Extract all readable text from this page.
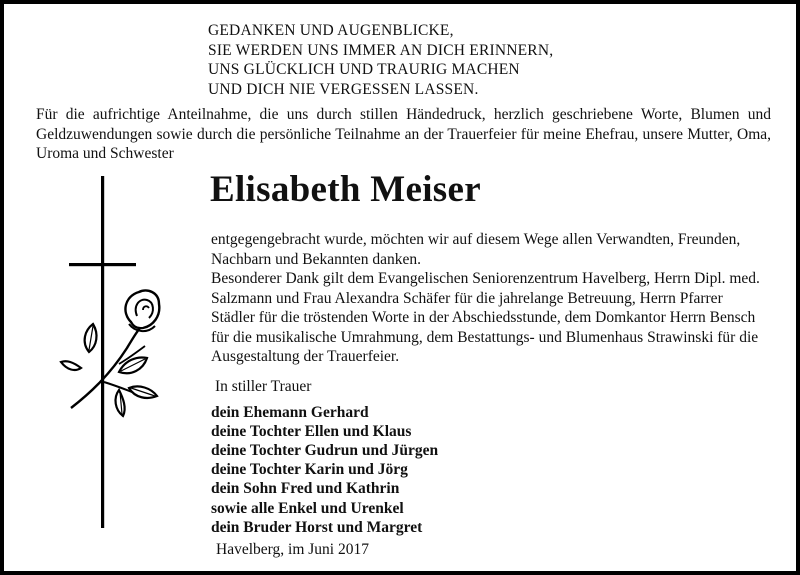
GEDANKEN UND AUGENBLICKE,
SIE WERDEN UNS IMMER AN DICH ERINNERN,
UNS GLÜCKLICH UND TRAURIG MACHEN
UND DICH NIE VERGESSEN LASSEN.

Für die aufrichtige Anteilnahme, die uns durch stillen Händedruck, herzlich geschriebene Worte, Blumen und Geldzuwendungen sowie durch die persönliche Teilnahme an der Trauerfeier für meine Ehefrau, unsere Mutter, Oma, Uroma und Schwester

Elisabeth Meiser

entgegengebracht wurde, möchten wir auf diesem Wege allen Verwandten, Freunden, Nachbarn und Bekannten danken.

Besonderer Dank gilt dem Evangelischen Seniorenzentrum Havelberg, Herrn Dipl. med. Salzmann und Frau Alexandra Schäfer für die jahrelange Betreuung, Herrn Pfarrer Städler für die tröstenden Worte in der Abschiedsstunde, dem Domkantor Herrn Bensch für die musikalische Umrahmung, dem Bestattungs- und Blumenhaus Strawinski für die Ausgestaltung der Trauerfeier.

In stiller Trauer

dein Ehemann Gerhard
deine Tochter Ellen und Klaus
deine Tochter Gudrun und Jürgen
deine Tochter Karin und Jörg
dein Sohn Fred und Kathrin
sowie alle Enkel und Urenkel
dein Bruder Horst und Margret

Havelberg, im Juni 2017
